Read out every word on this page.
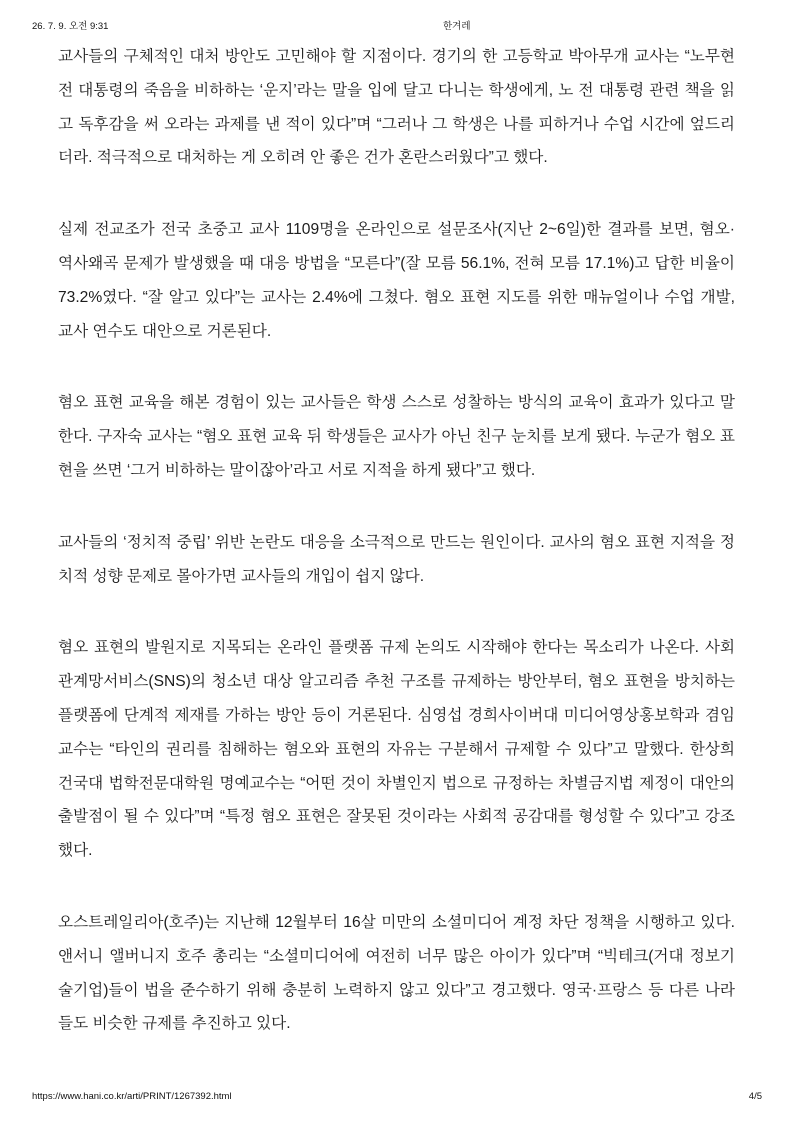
26. 7. 9. 오전 9:31	한겨레

교사들의 구체적인 대처 방안도 고민해야 할 지점이다. 경기의 한 고등학교 박아무개 교사는 “노무현
전 대통령의 죽음을 비하하는 ‘운지’라는 말을 입에 달고 다니는 학생에게, 노 전 대통령 관련 책을 읽
고 독후감을 써 오라는 과제를 낸 적이 있다”며 “그러나 그 학생은 나를 피하거나 수업 시간에 엎드리
더라. 적극적으로 대처하는 게 오히려 안 좋은 건가 혼란스러웠다”고 했다.

실제 전교조가 전국 초중고 교사 1109명을 온라인으로 설문조사(지난 2~6일)한 결과를 보면, 혐오·
역사왜곡 문제가 발생했을 때 대응 방법을 “모른다”(잘 모름 56.1%, 전혀 모름 17.1%)고 답한 비율이
73.2%였다. “잘 알고 있다”는 교사는 2.4%에 그쳤다. 혐오 표현 지도를 위한 매뉴얼이나 수업 개발,
교사 연수도 대안으로 거론된다.

혐오 표현 교육을 해본 경험이 있는 교사들은 학생 스스로 성찰하는 방식의 교육이 효과가 있다고 말
한다. 구자숙 교사는 “혐오 표현 교육 뒤 학생들은 교사가 아닌 친구 눈치를 보게 됐다. 누군가 혐오 표
현을 쓰면 ‘그거 비하하는 말이잖아’라고 서로 지적을 하게 됐다”고 했다.

교사들의 ‘정치적 중립’ 위반 논란도 대응을 소극적으로 만드는 원인이다. 교사의 혐오 표현 지적을 정
치적 성향 문제로 몰아가면 교사들의 개입이 쉽지 않다.

혐오 표현의 발원지로 지목되는 온라인 플랫폼 규제 논의도 시작해야 한다는 목소리가 나온다. 사회
관계망서비스(SNS)의 청소년 대상 알고리즘 추천 구조를 규제하는 방안부터, 혐오 표현을 방치하는
플랫폼에 단계적 제재를 가하는 방안 등이 거론된다. 심영섭 경희사이버대 미디어영상홍보학과 겸임
교수는 “타인의 권리를 침해하는 혐오와 표현의 자유는 구분해서 규제할 수 있다”고 말했다. 한상희
건국대 법학전문대학원 명예교수는 “어떤 것이 차별인지 법으로 규정하는 차별금지법 제정이 대안의
출발점이 될 수 있다”며 “특정 혐오 표현은 잘못된 것이라는 사회적 공감대를 형성할 수 있다”고 강조
했다.

오스트레일리아(호주)는 지난해 12월부터 16살 미만의 소셜미디어 계정 차단 정책을 시행하고 있다.
앤서니 앨버니지 호주 총리는 “소셜미디어에 여전히 너무 많은 아이가 있다”며 “빅테크(거대 정보기
술기업)들이 법을 준수하기 위해 충분히 노력하지 않고 있다”고 경고했다. 영국·프랑스 등 다른 나라
들도 비슷한 규제를 추진하고 있다.

https://www.hani.co.kr/arti/PRINT/1267392.html	4/5
